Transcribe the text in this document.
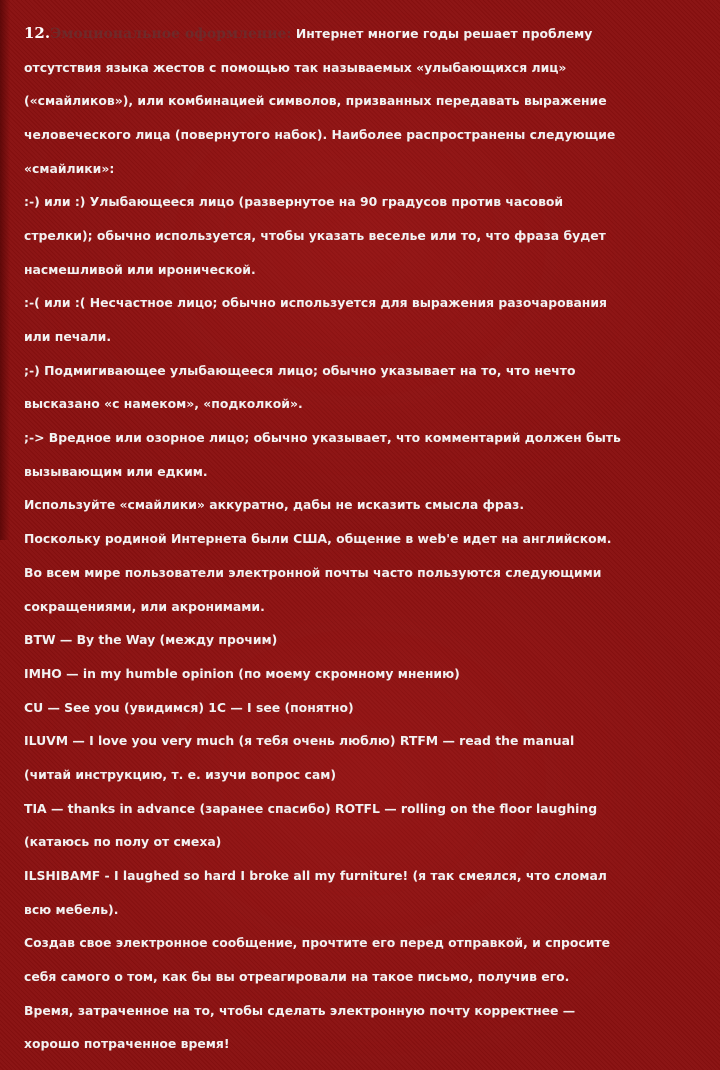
12.Эмоциональное оформление: Интернет многие годы решает проблему

отсутствия языка жестов с помощью так называемых «улыбающихся лиц»

(«смайликов»), или комбинацией символов, призванных передавать выражение

человеческого лица (повернутого набок). Наиболее распространены следующие

«смайлики»:

:-) или :) Улыбающееся лицо (развернутое на 90 градусов против часовой

стрелки); обычно используется, чтобы указать веселье или то, что фраза будет

насмешливой или иронической.

:-( или :( Несчастное лицо; обычно используется для выражения разочарования

или печали.

;-) Подмигивающее улыбающееся лицо; обычно указывает на то, что нечто

высказано «с намеком», «подколкой».

;-> Вредное или озорное лицо; обычно указывает, что комментарий должен быть

вызывающим или едким.

Используйте «смайлики» аккуратно, дабы не исказить смысла фраз.

Поскольку родиной Интернета были США, общение в web'e идет на английском.

Во всем мире пользователи электронной почты часто пользуются следующими

сокращениями, или акронимами.

BTW — By the Way (между прочим)

IMHO — in my humble opinion (по моему скромному мнению)

CU — See you (увидимся) 1C — I see (понятно)

ILUVM — I love you very much (я тебя очень люблю) RTFM — read the manual

(читай инструкцию, т. е. изучи вопрос сам)

TIA — thanks in advance (заранее спасибо) ROTFL — rolling on the floor laughing

(катаюсь по полу от смеха)

ILSHIBAMF - I laughed so hard I broke all my furniture! (я так смеялся, что сломал

всю мебель).

Создав свое электронное сообщение, прочтите его перед отправкой, и спросите

себя самого о том, как бы вы отреагировали на такое письмо, получив его.

Время, затраченное на то, чтобы сделать электронную почту корректнее —

хорошо потраченное время!
